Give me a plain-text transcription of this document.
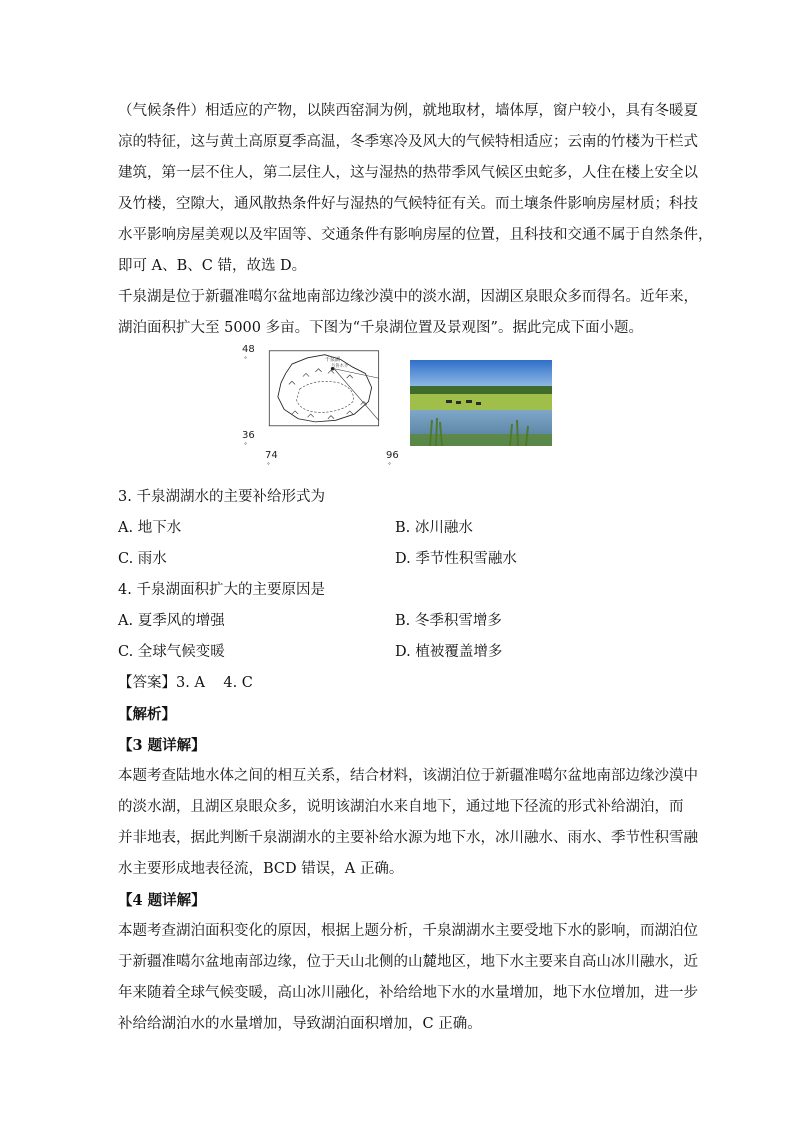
（气候条件）相适应的产物，以陕西窑洞为例，就地取材，墙体厚，窗户较小，具有冬暖夏

凉的特征，这与黄土高原夏季高温，冬季寒冷及风大的气候特相适应；云南的竹楼为干栏式

建筑，第一层不住人，第二层住人，这与湿热的热带季风气候区虫蛇多，人住在楼上安全以

及竹楼，空隙大，通风散热条件好与湿热的气候特征有关。而土壤条件影响房屋材质；科技

水平影响房屋美观以及牢固等、交通条件有影响房屋的位置，且科技和交通不属于自然条件，

即可 A、B、C 错，故选 D。

千泉湖是位于新疆准噶尔盆地南部边缘沙漠中的淡水湖，因湖区泉眼众多而得名。近年来，

湖泊面积扩大至 5000 多亩。下图为“千泉湖位置及景观图”。据此完成下面小题。

48
°
36
°
74
°
96
°
千泉湖
乌鲁木齐

3. 千泉湖湖水的主要补给形式为

A. 地下水	B. 冰川融水
C. 雨水	D. 季节性积雪融水

4. 千泉湖面积扩大的主要原因是

A. 夏季风的增强	B. 冬季积雪增多
C. 全球气候变暖	D. 植被覆盖增多

【答案】3. A    4. C

【解析】

【3 题详解】

本题考查陆地水体之间的相互关系，结合材料，该湖泊位于新疆准噶尔盆地南部边缘沙漠中

的淡水湖，且湖区泉眼众多，说明该湖泊水来自地下，通过地下径流的形式补给湖泊，而

并非地表，据此判断千泉湖湖水的主要补给水源为地下水，冰川融水、雨水、季节性积雪融

水主要形成地表径流，BCD 错误，A 正确。

【4 题详解】

本题考查湖泊面积变化的原因，根据上题分析，千泉湖湖水主要受地下水的影响，而湖泊位

于新疆准噶尔盆地南部边缘，位于天山北侧的山麓地区，地下水主要来自高山冰川融水，近

年来随着全球气候变暖，高山冰川融化，补给给地下水的水量增加，地下水位增加，进一步

补给给湖泊水的水量增加，导致湖泊面积增加，C 正确。
